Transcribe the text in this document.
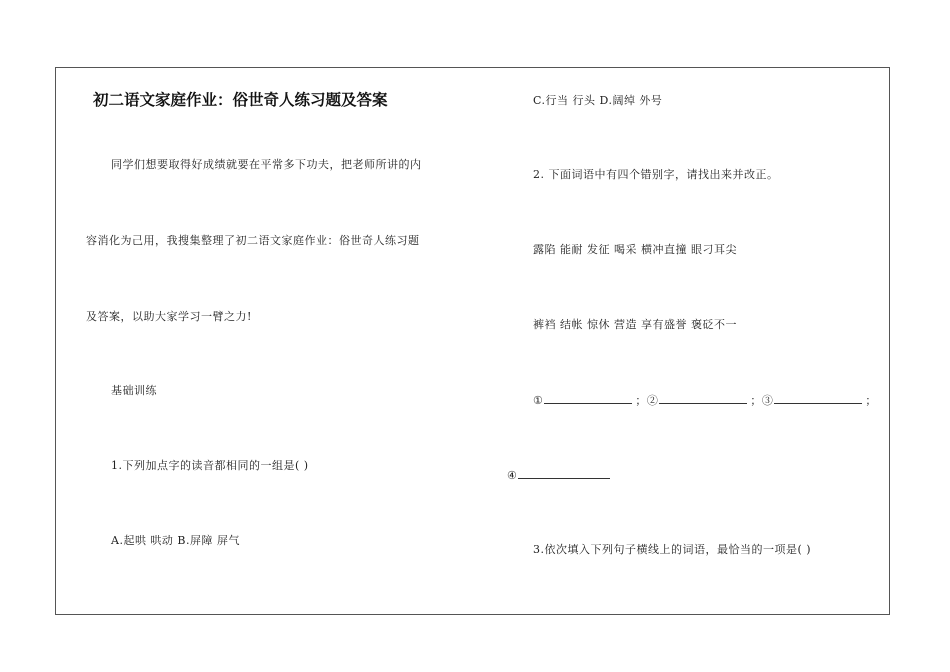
初二语文家庭作业：俗世奇人练习题及答案
同学们想要取得好成绩就要在平常多下功夫，把老师所讲的内
容消化为己用，我搜集整理了初二语文家庭作业：俗世奇人练习题
及答案，以助大家学习一臂之力!
基础训练
1.下列加点字的读音都相同的一组是( )
A.起哄 哄动 B.屏障 屏气
C.行当 行头 D.阔绰 外号
2. 下面词语中有四个错别字，请找出来并改正。
露陷 能耐 发征 喝采 横冲直撞 眼刁耳尖
裤裆 结帐 惊休 营造 享有盛誉 褒砭不一
①	；②	；③	；
④
3.依次填入下列句子横线上的词语，最恰当的一项是( )
